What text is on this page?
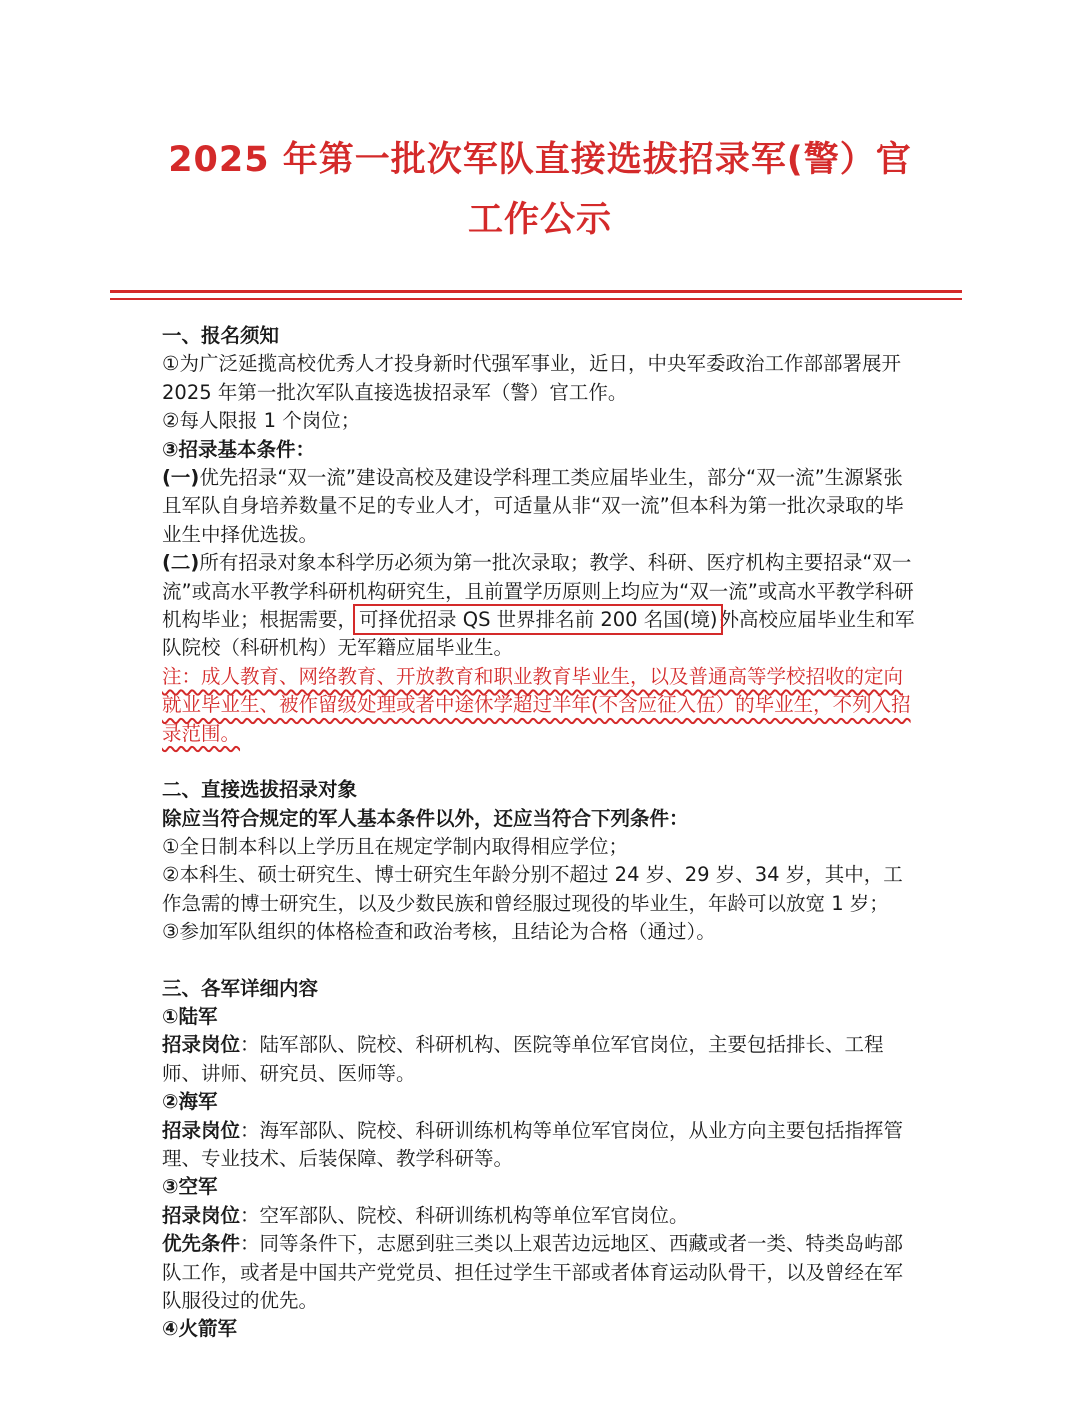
2025 年第一批次军队直接选拔招录军(警）官
工作公示

一、报名须知

①为广泛延揽高校优秀人才投身新时代强军事业，近日，中央军委政治工作部部署展开 2025 年第一批次军队直接选拔招录军（警）官工作。

②每人限报 1 个岗位；

③招录基本条件：

(一)优先招录“双一流”建设高校及建设学科理工类应届毕业生，部分“双一流”生源紧张且军队自身培养数量不足的专业人才，可适量从非“双一流”但本科为第一批次录取的毕业生中择优选拔。

(二)所有招录对象本科学历必须为第一批次录取；教学、科研、医疗机构主要招录“双一流”或高水平教学科研机构研究生，且前置学历原则上均应为“双一流”或高水平教学科研机构毕业；根据需要， 可择优招录 QS 世界排名前 200 名国(境) 外高校应届毕业生和军队院校（科研机构）无军籍应届毕业生。

注：成人教育、网络教育、开放教育和职业教育毕业生，以及普通高等学校招收的定向就业毕业生、被作留级处理或者中途休学超过半年(不含应征入伍）的毕业生，不列入招录范围。

二、直接选拔招录对象

除应当符合规定的军人基本条件以外，还应当符合下列条件：

①全日制本科以上学历且在规定学制内取得相应学位；

②本科生、硕士研究生、博士研究生年龄分别不超过 24 岁、29 岁、34 岁，其中，工作急需的博士研究生，以及少数民族和曾经服过现役的毕业生，年龄可以放宽 1 岁；

③参加军队组织的体格检查和政治考核，且结论为合格（通过）。

三、各军详细内容

①陆军

招录岗位：陆军部队、院校、科研机构、医院等单位军官岗位，主要包括排长、工程师、讲师、研究员、医师等。

②海军

招录岗位：海军部队、院校、科研训练机构等单位军官岗位，从业方向主要包括指挥管理、专业技术、后装保障、教学科研等。

③空军

招录岗位：空军部队、院校、科研训练机构等单位军官岗位。

优先条件：同等条件下，志愿到驻三类以上艰苦边远地区、西藏或者一类、特类岛屿部队工作，或者是中国共产党党员、担任过学生干部或者体育运动队骨干，以及曾经在军队服役过的优先。

④火箭军
